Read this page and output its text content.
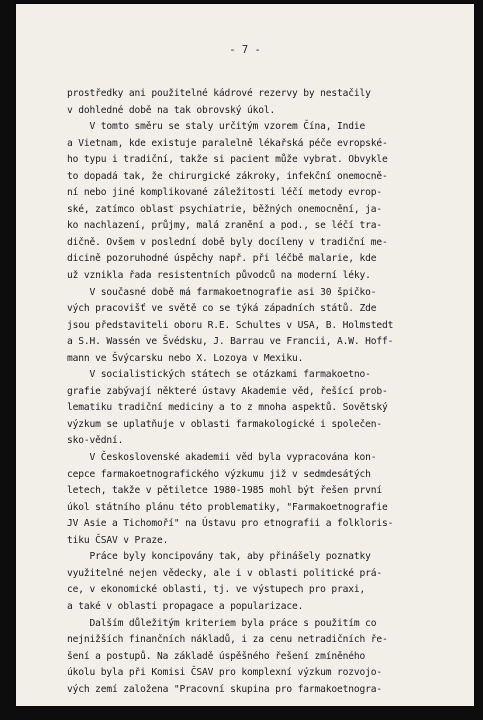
- 7 -
prostředky ani použitelné kádrové rezervy by nestačily
v dohledné době na tak obrovský úkol.
V tomto směru se staly určitým vzorem Čína, Indie
a Vietnam, kde existuje paralelně lékařská péče evropské-
ho typu i tradiční, takže si pacient může vybrat. Obvykle
to dopadá tak, že chirurgické zákroky, infekční onemocně-
ní nebo jiné komplikované záležitosti léčí metody evrop-
ské, zatímco oblast psychiatrie, běžných onemocnění, ja-
ko nachlazení, průjmy, malá zranění a pod., se léčí tra-
dičně. Ovšem v poslední době byly docíleny v tradiční me-
dicině pozoruhodné úspěchy např. při léčbě malarie, kde
už vznikla řada resistentních původců na moderní léky.
V současné době má farmakoetnografie asi 30 špičko-
vých pracovišť ve světě co se týká západních států. Zde
jsou představiteli oboru R.E. Schultes v USA, B. Holmstedt
a S.H. Wassén ve Švédsku, J. Barrau ve Francii, A.W. Hoff-
mann ve Švýcarsku nebo X. Lozoya v Mexiku.
V socialistických státech se otázkami farmakoetno-
grafie zabývají některé ústavy Akademie věd, řešící prob-
lematiku tradiční mediciny a to z mnoha aspektů. Sovětský
výzkum se uplatňuje v oblasti farmakologické i společen-
sko-vědní.
V Československé akademii věd byla vypracována kon-
cepce farmakoetnografického výzkumu již v sedmdesátých
letech, takže v pětiletce 1980-1985 mohl být řešen první
úkol státního plánu této problematiky, "Farmakoetnografie
JV Asie a Tichomoří" na Ústavu pro etnografii a folkloris-
tiku ČSAV v Praze.
Práce byly koncipovány tak, aby přinášely poznatky
využitelné nejen vědecky, ale i v oblasti politické prá-
ce, v ekonomické oblasti, tj. ve výstupech pro praxi,
a také v oblasti propagace a popularizace.
Dalším důležitým kriteriem byla práce s použitím co
nejnižších finančních nákladů, i za cenu netradičních ře-
šení a postupů. Na základě úspěšného řešení zmíněného
úkolu byla při Komisi ČSAV pro komplexní výzkum rozvojo-
vých zemí založena "Pracovní skupina pro farmakoetnogra-
